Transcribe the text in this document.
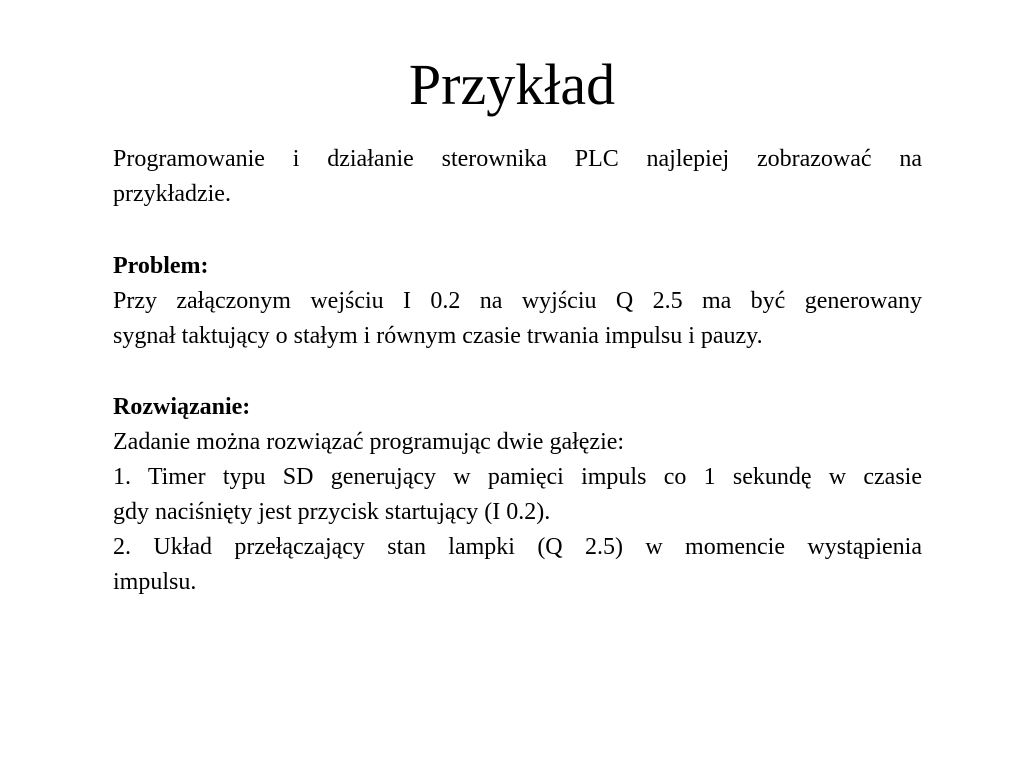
Przykład

Programowanie i działanie sterownika PLC najlepiej zobrazować na
przykładzie.

Problem:
Przy załączonym wejściu I 0.2 na wyjściu Q 2.5 ma być generowany
sygnał taktujący o stałym i równym czasie trwania impulsu i pauzy.

Rozwiązanie:
Zadanie można rozwiązać programując dwie gałęzie:
1. Timer typu SD generujący w pamięci impuls co 1 sekundę w czasie
gdy naciśnięty jest przycisk startujący (I 0.2).
2. Układ przełączający stan lampki (Q 2.5) w momencie wystąpienia
impulsu.
